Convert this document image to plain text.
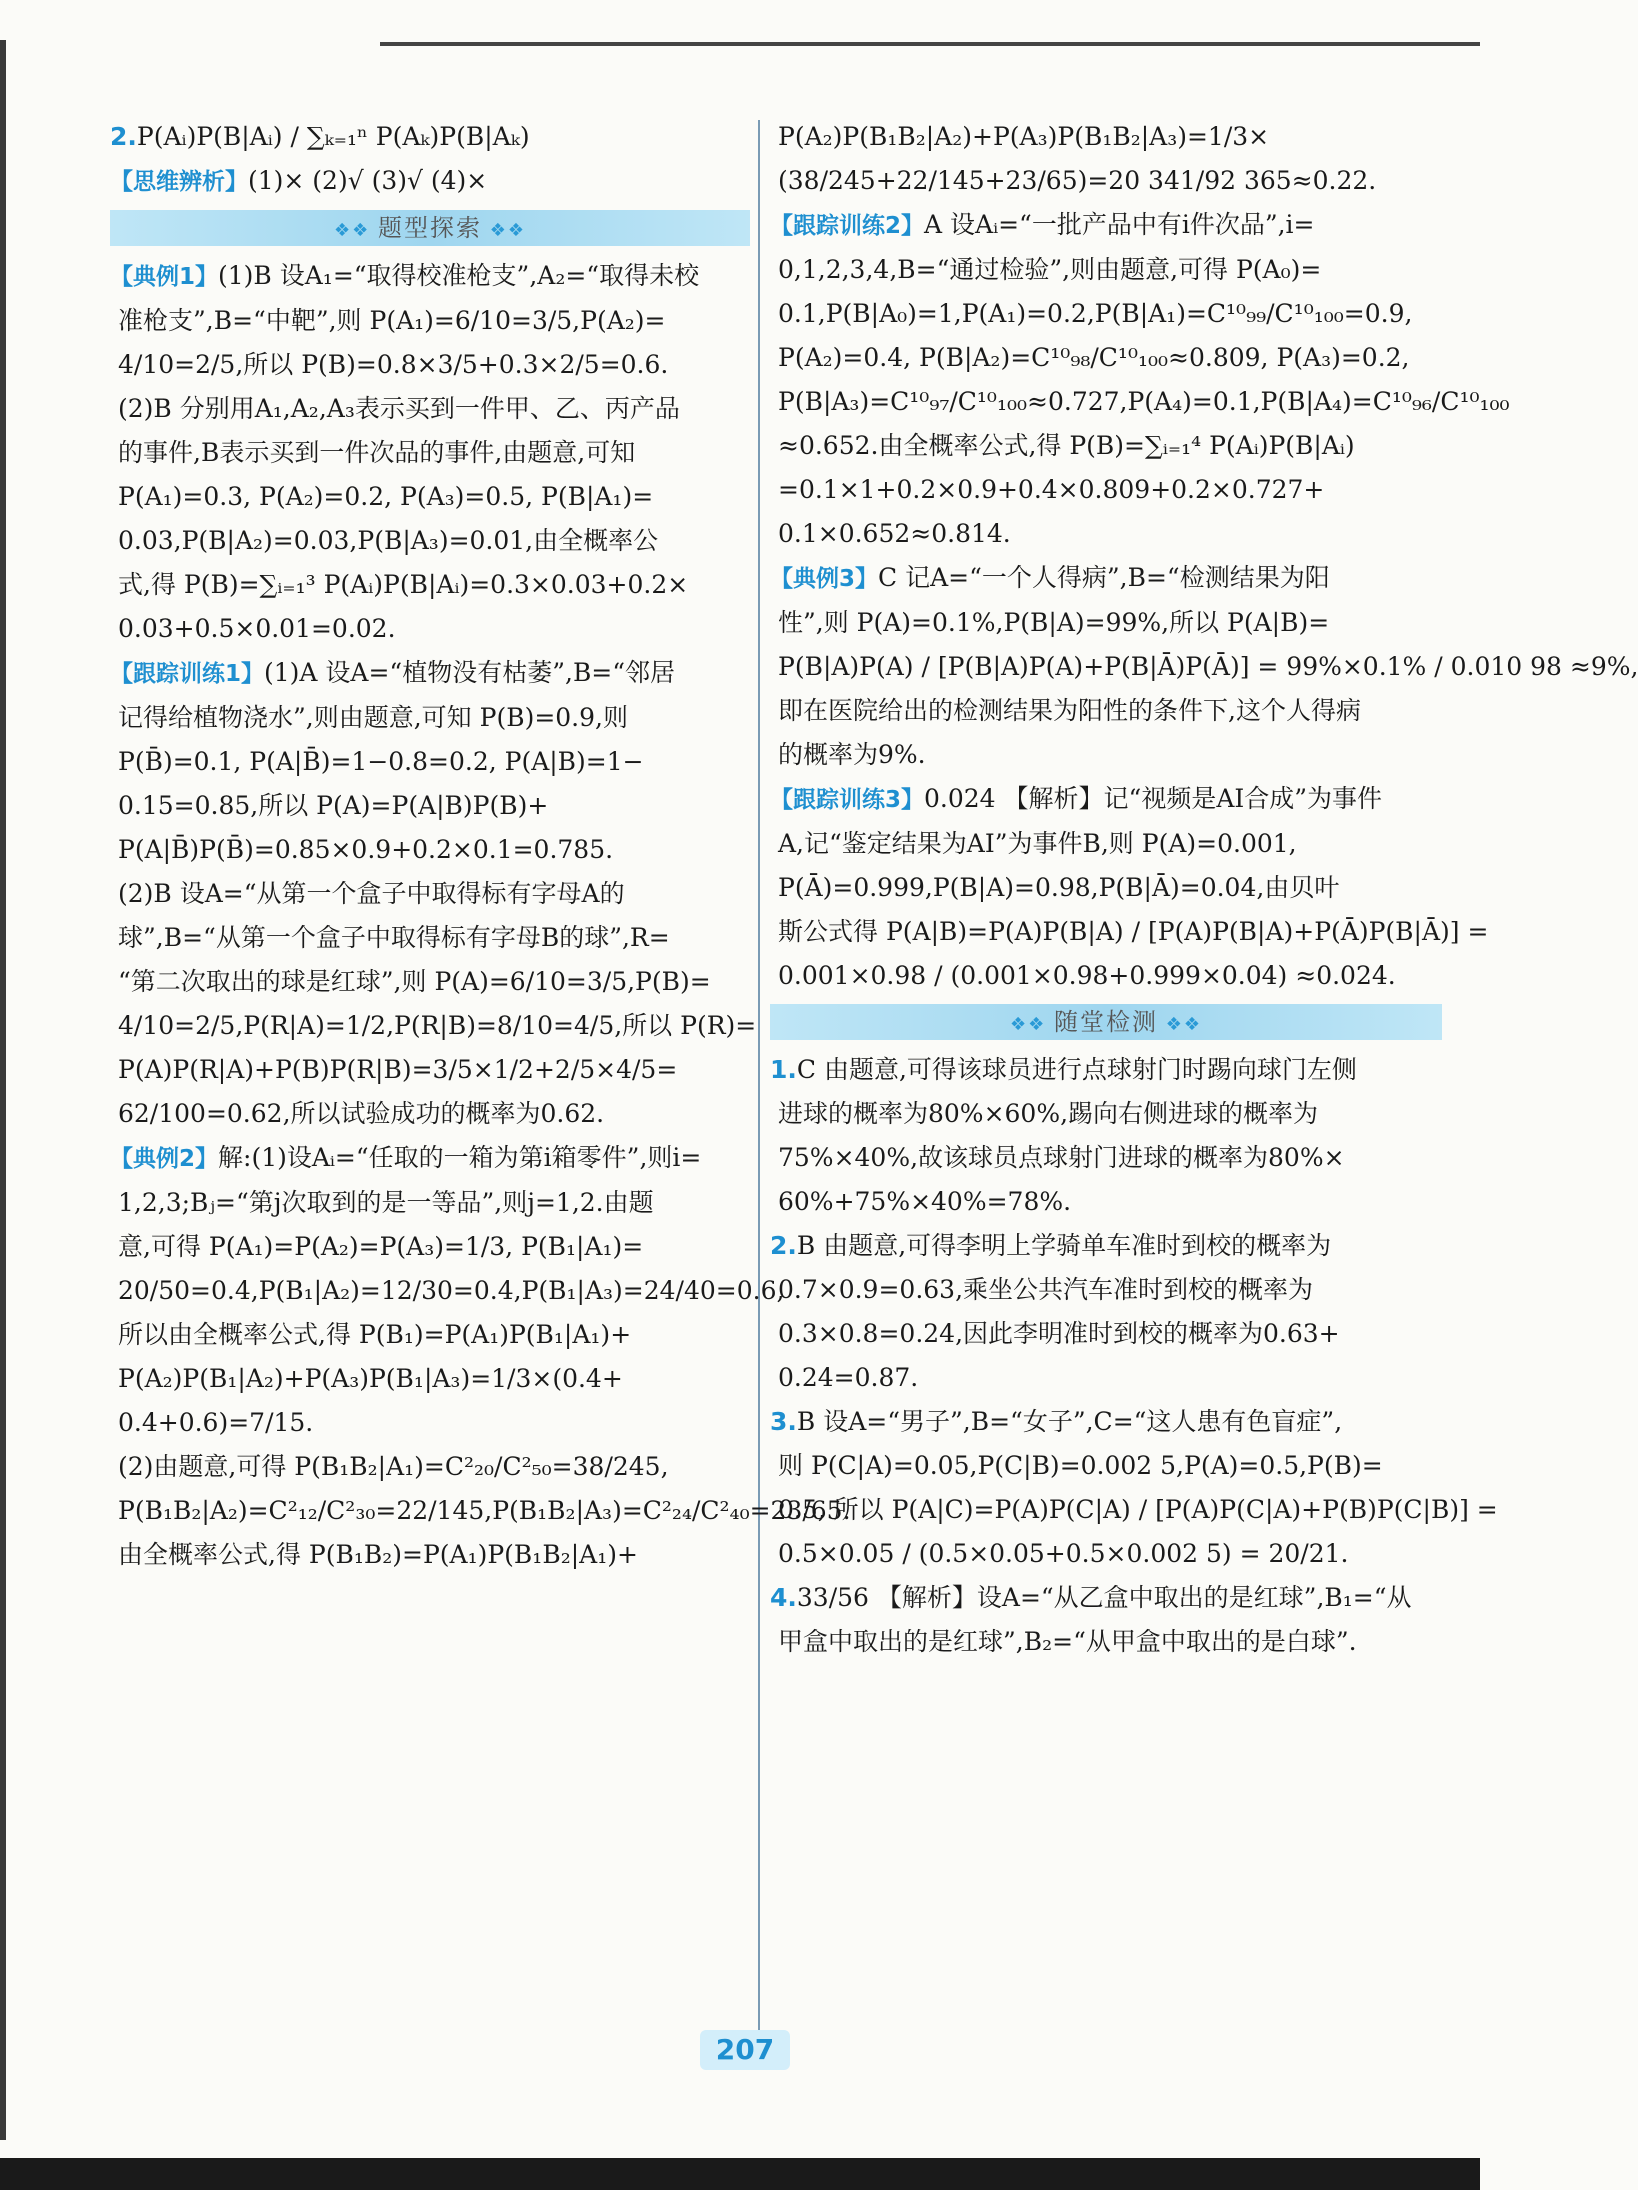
2.P(Aᵢ)P(B|Aᵢ) / ∑ₖ₌₁ⁿ P(Aₖ)P(B|Aₖ)
【思维辨析】(1)× (2)√ (3)√ (4)×
❖❖ 题型探索 ❖❖
【典例1】(1)B 设A₁=“取得校准枪支”,A₂=“取得未校
准枪支”,B=“中靶”,则 P(A₁)=6/10=3/5,P(A₂)=
4/10=2/5,所以 P(B)=0.8×3/5+0.3×2/5=0.6.
(2)B 分别用A₁,A₂,A₃表示买到一件甲、乙、丙产品
的事件,B表示买到一件次品的事件,由题意,可知
P(A₁)=0.3, P(A₂)=0.2, P(A₃)=0.5, P(B|A₁)=
0.03,P(B|A₂)=0.03,P(B|A₃)=0.01,由全概率公
式,得 P(B)=∑ᵢ₌₁³ P(Aᵢ)P(B|Aᵢ)=0.3×0.03+0.2×
0.03+0.5×0.01=0.02.
【跟踪训练1】(1)A 设A=“植物没有枯萎”,B=“邻居
记得给植物浇水”,则由题意,可知 P(B)=0.9,则
P(B̄)=0.1, P(A|B̄)=1−0.8=0.2, P(A|B)=1−
0.15=0.85,所以 P(A)=P(A|B)P(B)+
P(A|B̄)P(B̄)=0.85×0.9+0.2×0.1=0.785.
(2)B 设A=“从第一个盒子中取得标有字母A的
球”,B=“从第一个盒子中取得标有字母B的球”,R=
“第二次取出的球是红球”,则 P(A)=6/10=3/5,P(B)=
4/10=2/5,P(R|A)=1/2,P(R|B)=8/10=4/5,所以 P(R)=
P(A)P(R|A)+P(B)P(R|B)=3/5×1/2+2/5×4/5=
62/100=0.62,所以试验成功的概率为0.62.
【典例2】解:(1)设Aᵢ=“任取的一箱为第i箱零件”,则i=
1,2,3;Bⱼ=“第j次取到的是一等品”,则j=1,2.由题
意,可得 P(A₁)=P(A₂)=P(A₃)=1/3, P(B₁|A₁)=
20/50=0.4,P(B₁|A₂)=12/30=0.4,P(B₁|A₃)=24/40=0.6,
所以由全概率公式,得 P(B₁)=P(A₁)P(B₁|A₁)+
P(A₂)P(B₁|A₂)+P(A₃)P(B₁|A₃)=1/3×(0.4+
0.4+0.6)=7/15.
(2)由题意,可得 P(B₁B₂|A₁)=C²₂₀/C²₅₀=38/245,
P(B₁B₂|A₂)=C²₁₂/C²₃₀=22/145,P(B₁B₂|A₃)=C²₂₄/C²₄₀=23/65.
由全概率公式,得 P(B₁B₂)=P(A₁)P(B₁B₂|A₁)+
P(A₂)P(B₁B₂|A₂)+P(A₃)P(B₁B₂|A₃)=1/3×
(38/245+22/145+23/65)=20 341/92 365≈0.22.
【跟踪训练2】A 设Aᵢ=“一批产品中有i件次品”,i=
0,1,2,3,4,B=“通过检验”,则由题意,可得 P(A₀)=
0.1,P(B|A₀)=1,P(A₁)=0.2,P(B|A₁)=C¹⁰₉₉/C¹⁰₁₀₀=0.9,
P(A₂)=0.4, P(B|A₂)=C¹⁰₉₈/C¹⁰₁₀₀≈0.809, P(A₃)=0.2,
P(B|A₃)=C¹⁰₉₇/C¹⁰₁₀₀≈0.727,P(A₄)=0.1,P(B|A₄)=C¹⁰₉₆/C¹⁰₁₀₀
≈0.652.由全概率公式,得 P(B)=∑ᵢ₌₁⁴ P(Aᵢ)P(B|Aᵢ)
=0.1×1+0.2×0.9+0.4×0.809+0.2×0.727+
0.1×0.652≈0.814.
【典例3】C 记A=“一个人得病”,B=“检测结果为阳
性”,则 P(A)=0.1%,P(B|A)=99%,所以 P(A|B)=
P(B|A)P(A) / [P(B|A)P(A)+P(B|Ā)P(Ā)] = 99%×0.1% / 0.010 98 ≈9%,
即在医院给出的检测结果为阳性的条件下,这个人得病
的概率为9%.
【跟踪训练3】0.024 【解析】记“视频是AI合成”为事件
A,记“鉴定结果为AI”为事件B,则 P(A)=0.001,
P(Ā)=0.999,P(B|A)=0.98,P(B|Ā)=0.04,由贝叶
斯公式得 P(A|B)=P(A)P(B|A) / [P(A)P(B|A)+P(Ā)P(B|Ā)] =
0.001×0.98 / (0.001×0.98+0.999×0.04) ≈0.024.
❖❖ 随堂检测 ❖❖
1.C 由题意,可得该球员进行点球射门时踢向球门左侧
进球的概率为80%×60%,踢向右侧进球的概率为
75%×40%,故该球员点球射门进球的概率为80%×
60%+75%×40%=78%.
2.B 由题意,可得李明上学骑单车准时到校的概率为
0.7×0.9=0.63,乘坐公共汽车准时到校的概率为
0.3×0.8=0.24,因此李明准时到校的概率为0.63+
0.24=0.87.
3.B 设A=“男子”,B=“女子”,C=“这人患有色盲症”,
则 P(C|A)=0.05,P(C|B)=0.002 5,P(A)=0.5,P(B)=
0.5, 所以 P(A|C)=P(A)P(C|A) / [P(A)P(C|A)+P(B)P(C|B)] =
0.5×0.05 / (0.5×0.05+0.5×0.002 5) = 20/21.
4.33/56 【解析】设A=“从乙盒中取出的是红球”,B₁=“从
甲盒中取出的是红球”,B₂=“从甲盒中取出的是白球”.
207
